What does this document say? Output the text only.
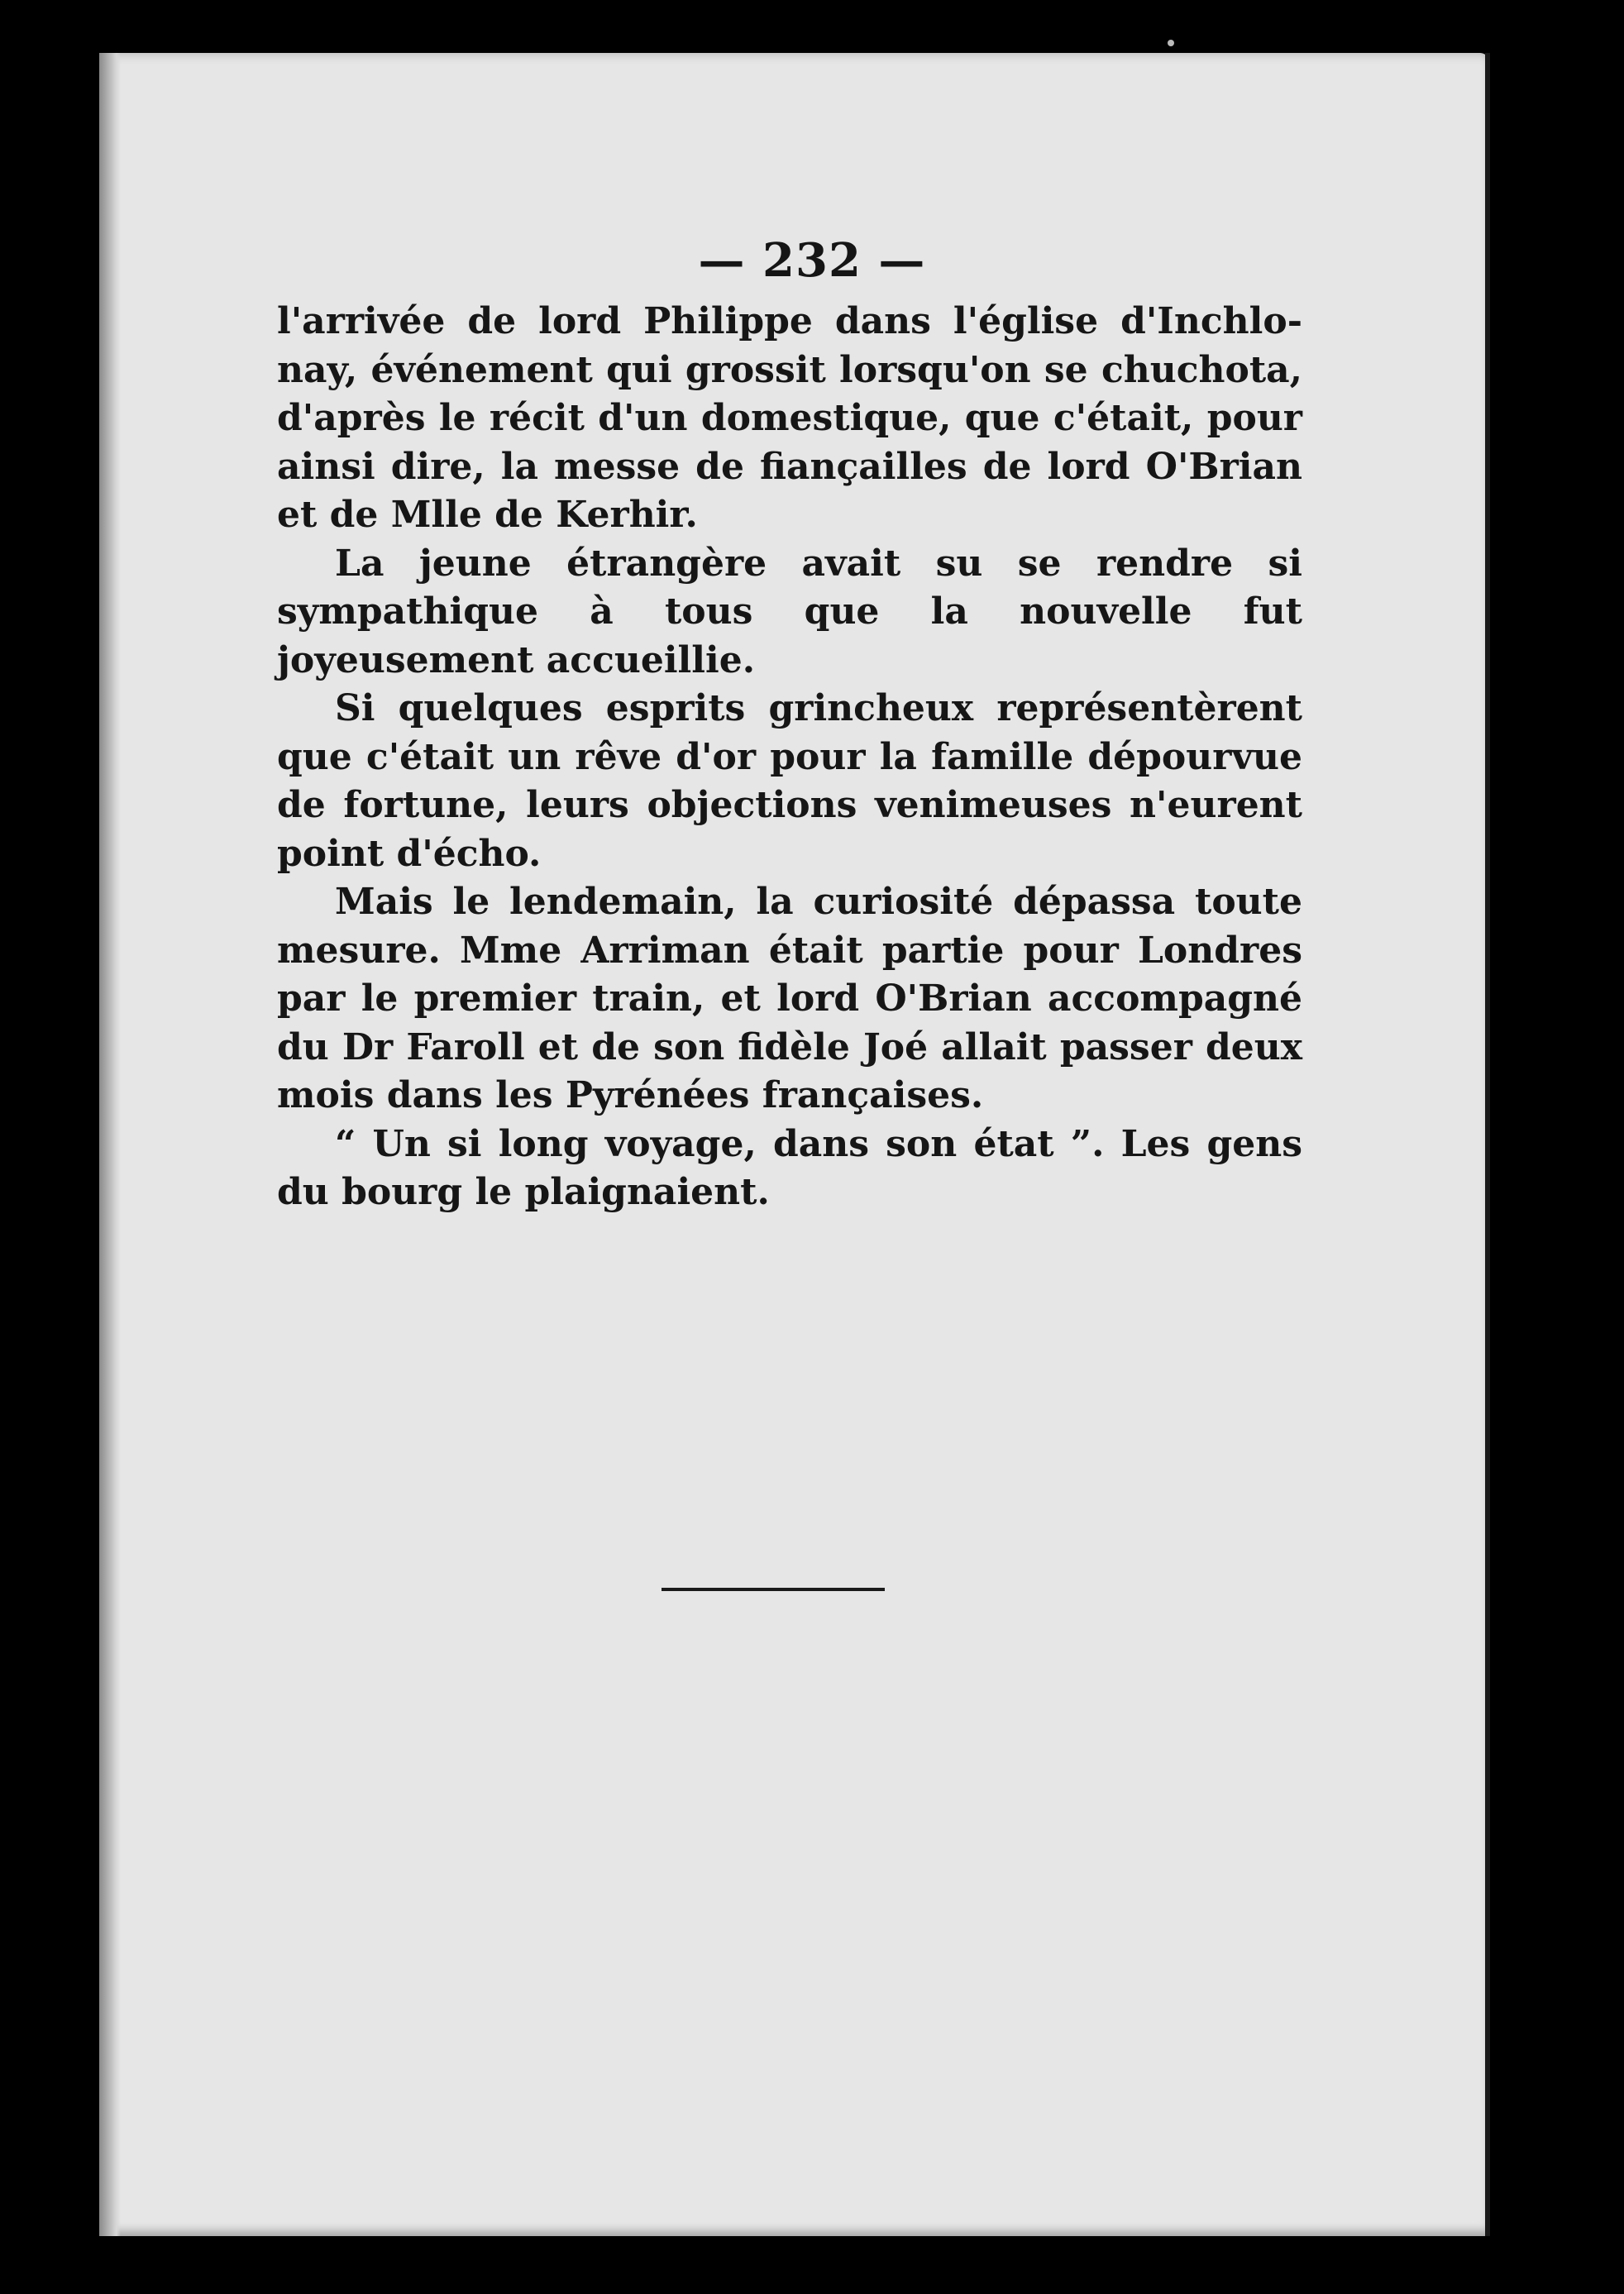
— 232 —

l'arrivée de lord Philippe dans l'église d'Inchlo-nay, événement qui grossit lorsqu'on se chuchota, d'après le récit d'un domestique, que c'était, pour ainsi dire, la messe de fiançailles de lord O'Brian et de Mlle de Kerhir.

La jeune étrangère avait su se rendre si sympathique à tous que la nouvelle fut joyeusement accueillie.

Si quelques esprits grincheux représentèrent que c'était un rêve d'or pour la famille dépourvue de fortune, leurs objections venimeuses n'eurent point d'écho.

Mais le lendemain, la curiosité dépassa toute mesure. Mme Arriman était partie pour Londres par le premier train, et lord O'Brian accompagné du Dr Faroll et de son fidèle Joé allait passer deux mois dans les Pyrénées françaises.

“ Un si long voyage, dans son état ”. Les gens du bourg le plaignaient.
